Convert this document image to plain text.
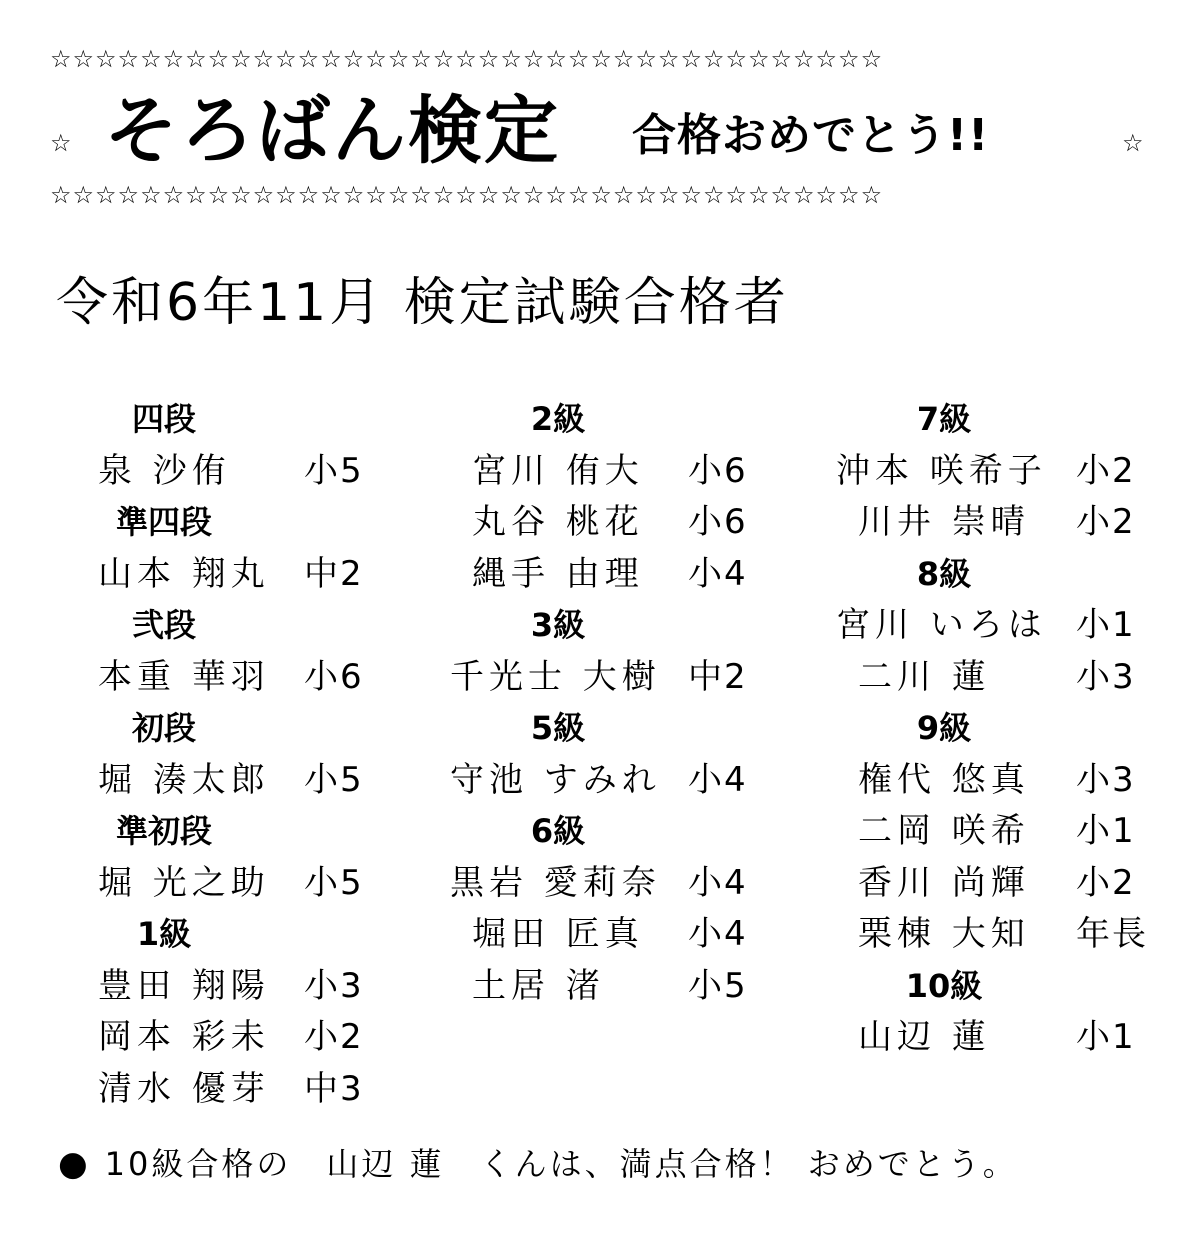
☆☆☆☆☆☆☆☆☆☆☆☆☆☆☆☆☆☆☆☆☆☆☆☆☆☆☆☆☆☆☆☆☆☆☆☆☆
☆ そろばん検定 合格おめでとう!!	☆
☆☆☆☆☆☆☆☆☆☆☆☆☆☆☆☆☆☆☆☆☆☆☆☆☆☆☆☆☆☆☆☆☆☆☆☆☆
令和6年11月 検定試験合格者
四段
泉 沙侑 小5
準四段
山本 翔丸 中2
弐段
本重 華羽 小6
初段
堀 湊太郎 小5
準初段
堀 光之助 小5
1級
豊田 翔陽 小3
岡本 彩未 小2
清水 優芽 中3
2級
宮川 侑大 小6
丸谷 桃花 小6
縄手 由理 小4
3級
千光士 大樹 中2
5級
守池 すみれ 小4
6級
黒岩 愛莉奈 小4
堀田 匠真 小4
土居 渚 小5
7級
沖本 咲希子 小2
川井 崇晴 小2
8級
宮川 いろは 小1
二川 蓮	小3
9級
権代 悠真 小3
二岡 咲希 小1
香川 尚輝 小2
栗棟 大知 年長
10級
山辺 蓮	小1
● 10級合格の　山辺 蓮　くんは、満点合格！ おめでとう。
